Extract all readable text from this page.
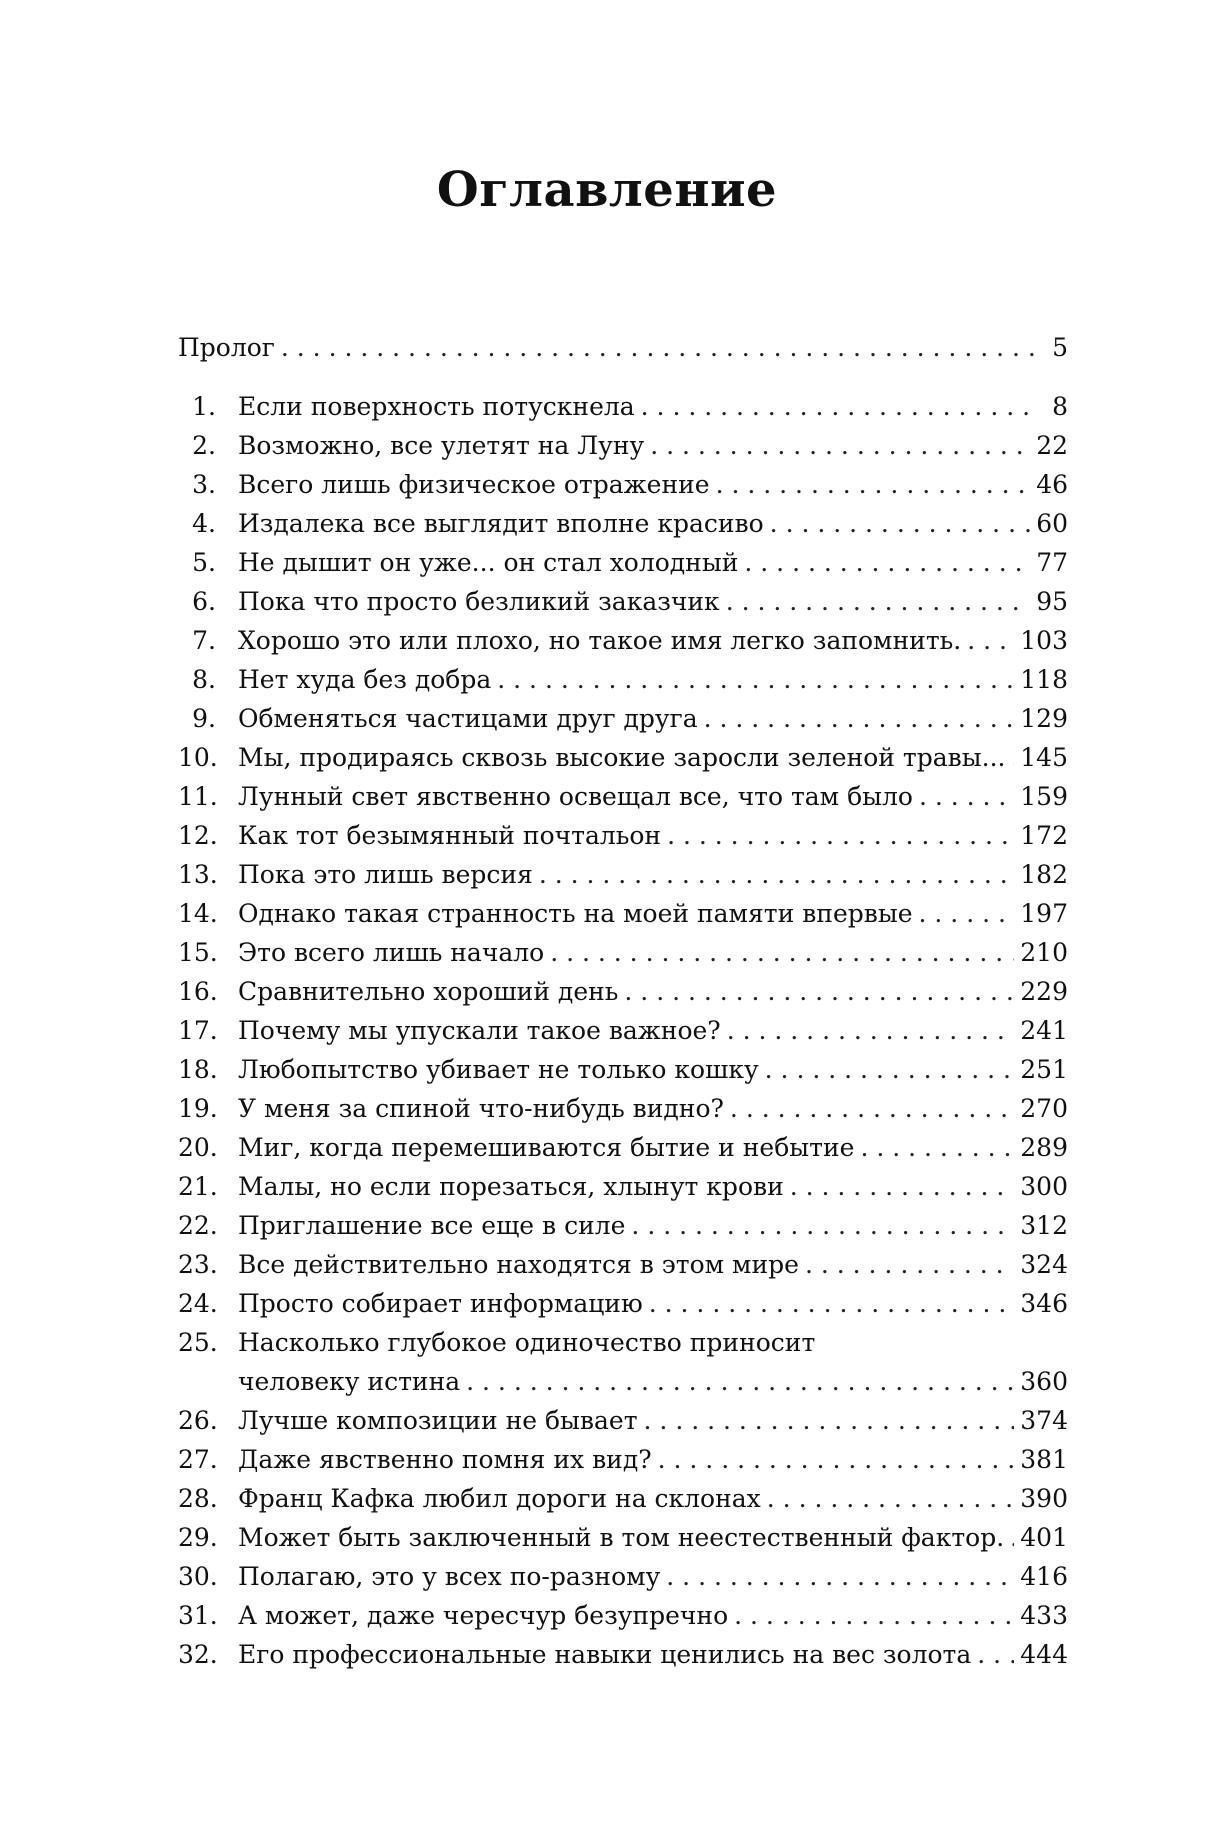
Оглавление
Пролог . . .	5
1. Если поверхность потускнела . . .	8
2. Возможно, все улетят на Луну . . .	22
3. Всего лишь физическое отражение . . .	46
4. Издалека все выглядит вполне красиво . . .	60
5. Не дышит он уже... он стал холодный . . .	77
6. Пока что просто безликий заказчик . . .	95
7. Хорошо это или плохо, но такое имя легко запомнить. . . . 103
8. Нет худа без добра . . .	118
9. Обменяться частицами друг друга . . .	129
10. Мы, продираясь сквозь высокие заросли зеленой травы... . . . 145
11. Лунный свет явственно освещал все, что там было . . .	159
12. Как тот безымянный почтальон . . .	172
13. Пока это лишь версия . . .	182
14. Однако такая странность на моей памяти впервые . . .	197
15. Это всего лишь начало . . .	210
16. Сравнительно хороший день . . .	229
17. Почему мы упускали такое важное? . . .	241
18. Любопытство убивает не только кошку . . .	251
19. У меня за спиной что-нибудь видно? . . .	270
20. Миг, когда перемешиваются бытие и небытие . . .	289
21. Малы, но если порезаться, хлынут крови . . .	300
22. Приглашение все еще в силе . . .	312
23. Все действительно находятся в этом мире . . .	324
24. Просто собирает информацию . . .	346
25. Насколько глубокое одиночество приносит
человеку истина . . .	360
26. Лучше композиции не бывает . . .	374
27. Даже явственно помня их вид? . . .	381
28. Франц Кафка любил дороги на склонах . . .	390
29. Может быть заключенный в том неестественный фактор. . . . 401
30. Полагаю, это у всех по-разному . . .	416
31. А может, даже чересчур безупречно . . .	433
32. Его профессиональные навыки ценились на вес золота . . . 444
